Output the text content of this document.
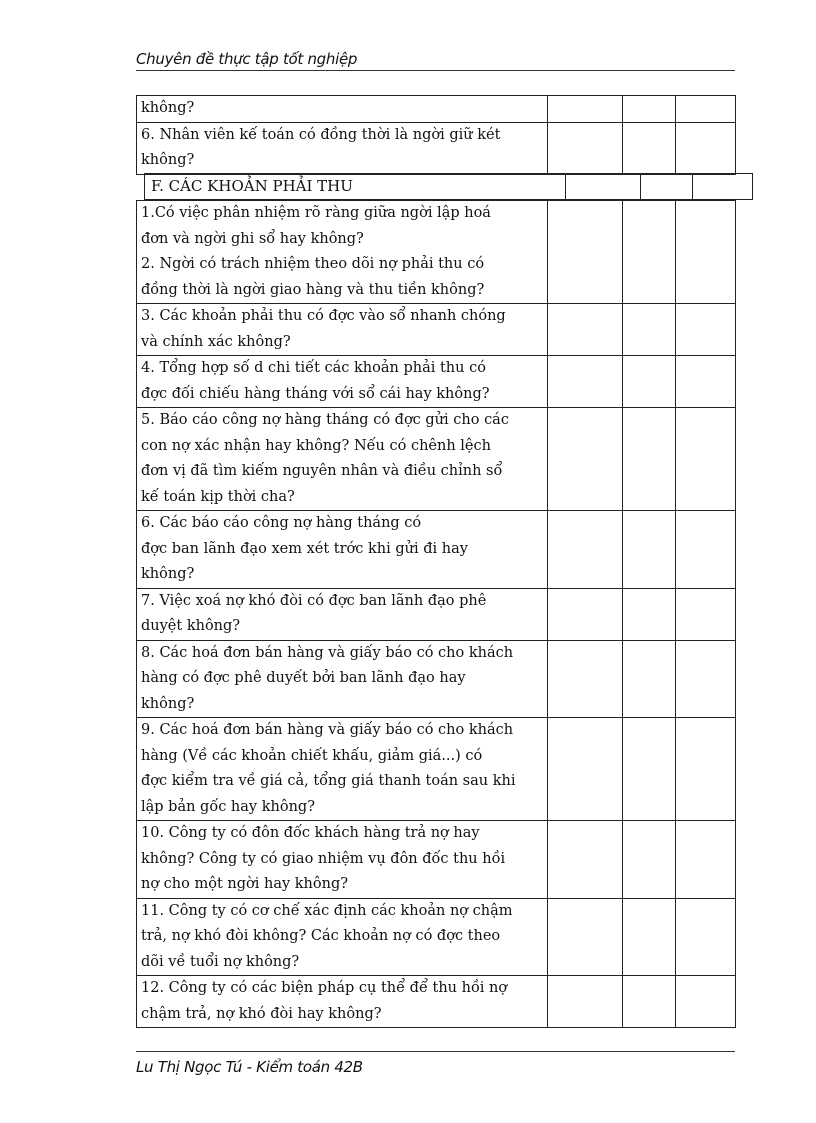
Chuyên đề thực tập tốt nghiệp
không?			

6. Nhân viên kế toán có đồng thời là ngời giữ két
không?			

F. CÁC KHOẢN PHẢI THU			
1.Có việc phân nhiệm rõ ràng giữa ngời lập hoá
đơn và ngời ghi sổ hay không?
2. Ngời có trách nhiệm theo dõi nợ phải thu có
đồng thời là ngời giao hàng và thu tiền không?			

3. Các khoản phải thu có đợc vào sổ nhanh chóng
và chính xác không?			

4. Tổng hợp số d chi tiết các khoản phải thu có
đợc đối chiếu hàng tháng với sổ cái hay không?			

5. Báo cáo công nợ hàng tháng có đợc gửi cho các
con nợ xác nhận hay không? Nếu có chênh lệch
đơn vị đã tìm kiếm nguyên nhân và điều chỉnh sổ
kế toán kịp thời cha?			

6. Các báo cáo công nợ hàng tháng có
đợc ban lãnh đạo xem xét trớc khi gửi đi hay
không?			

7. Việc xoá nợ khó đòi có đợc ban lãnh đạo phê
duyệt không?			

8. Các hoá đơn bán hàng và giấy báo có cho khách
hàng có đợc phê duyết bởi ban lãnh đạo hay
không?			

9. Các hoá đơn bán hàng và giấy báo có cho khách
hàng (Về các khoản chiết khấu, giảm giá...) có
đợc kiểm tra về giá cả, tổng giá thanh toán sau khi
lập bản gốc hay không?			

10. Công ty có đôn đốc khách hàng trả nợ hay
không? Công ty có giao nhiệm vụ đôn đốc thu hồi
nợ cho một ngời hay không?			

11. Công ty có cơ chế xác định các khoản nợ chậm
trả, nợ khó đòi không? Các khoản nợ có đợc theo
dõi về tuổi nợ không?			

12. Công ty có các biện pháp cụ thể để thu hồi nợ
chậm trả, nợ khó đòi hay không?			

Lu Thị Ngọc Tú - Kiểm toán 42B
